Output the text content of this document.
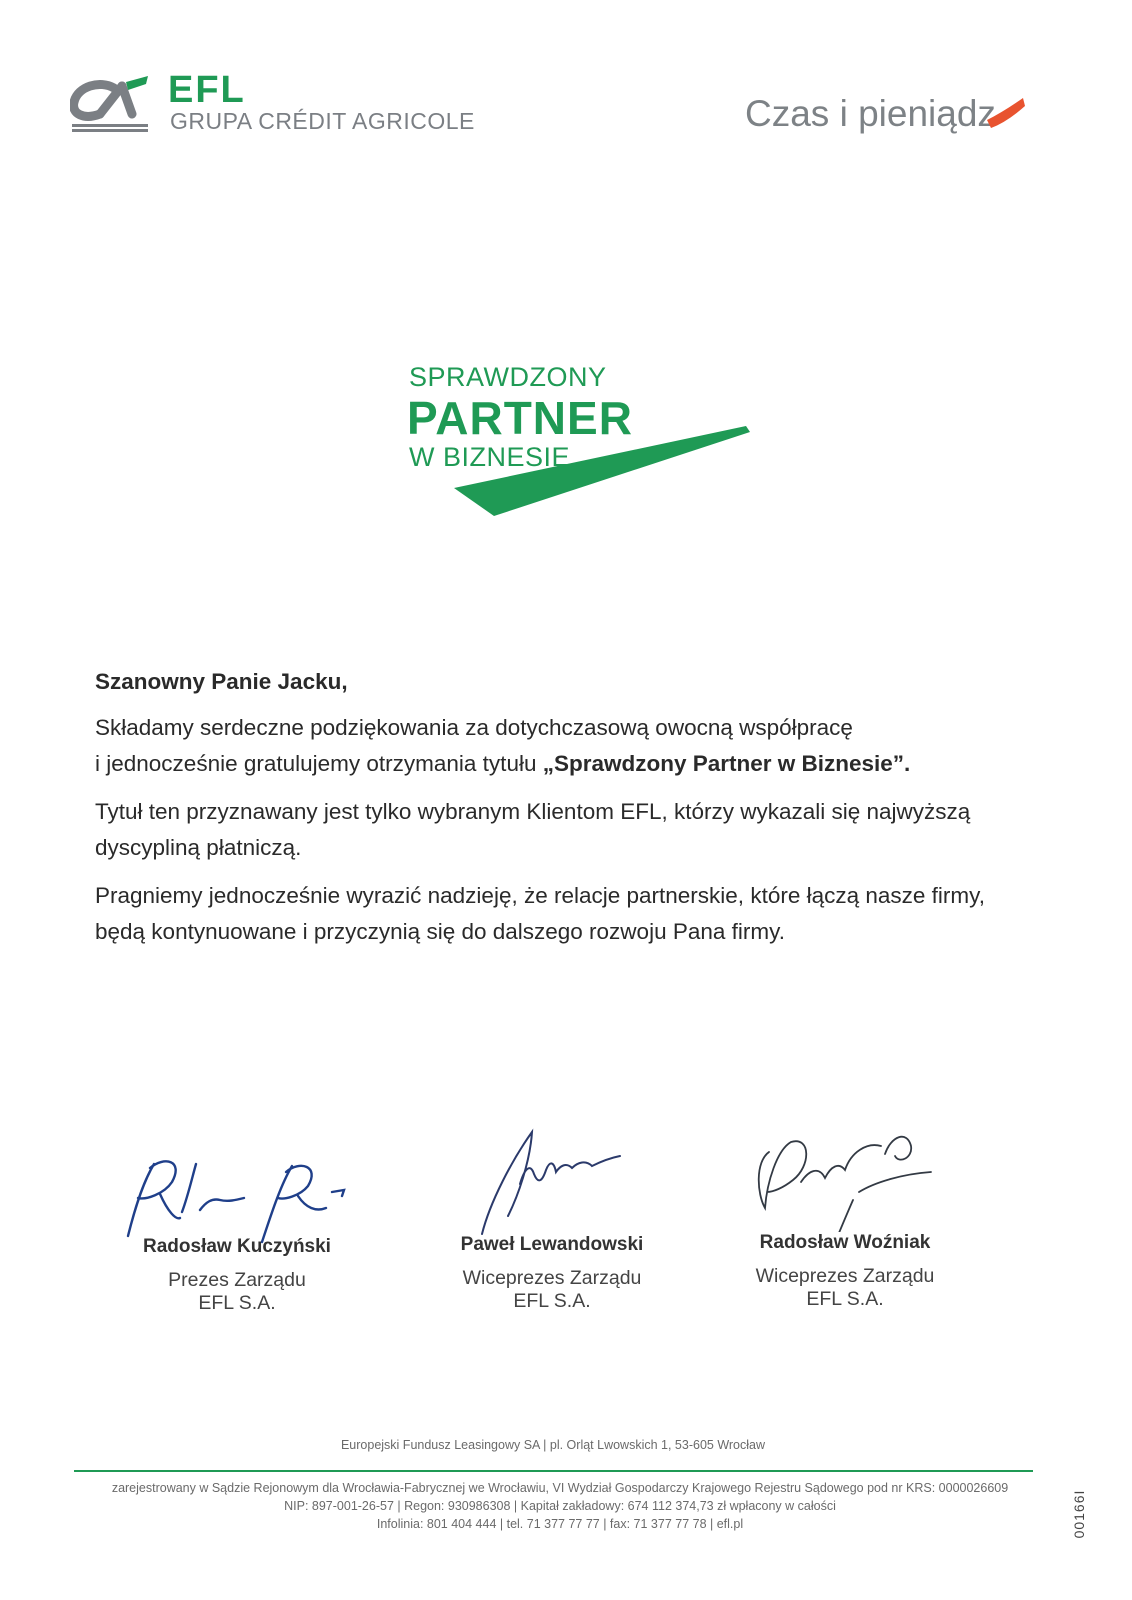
EFL
GRUPA CRÉDIT AGRICOLE	Czas i pieniądz
SPRAWDZONY
PARTNER
W BIZNESIE
Szanowny Panie Jacku,

Składamy serdeczne podziękowania za dotychczasową owocną współpracę
i jednocześnie gratulujemy otrzymania tytułu „Sprawdzony Partner w Biznesie”.

Tytuł ten przyznawany jest tylko wybranym Klientom EFL, którzy wykazali się najwyższą dyscypliną płatniczą.

Pragniemy jednocześnie wyrazić nadzieję, że relacje partnerskie, które łączą nasze firmy, będą kontynuowane i przyczynią się do dalszego rozwoju Pana firmy.

Radosław Kuczyński
Prezes Zarządu
EFL S.A.
Paweł Lewandowski
Wiceprezes Zarządu
EFL S.A.
Radosław Woźniak
Wiceprezes Zarządu
EFL S.A.
Europejski Fundusz Leasingowy SA | pl. Orląt Lwowskich 1, 53-605 Wrocław
zarejestrowany w Sądzie Rejonowym dla Wrocławia-Fabrycznej we Wrocławiu, VI Wydział Gospodarczy Krajowego Rejestru Sądowego pod nr KRS: 0000026609
NIP: 897-001-26-57 | Regon: 930986308 | Kapitał zakładowy: 674 112 374,73 zł wpłacony w całości
Infolinia: 801 404 444 | tel. 71 377 77 77 | fax: 71 377 77 78 | efl.pl	00166I
